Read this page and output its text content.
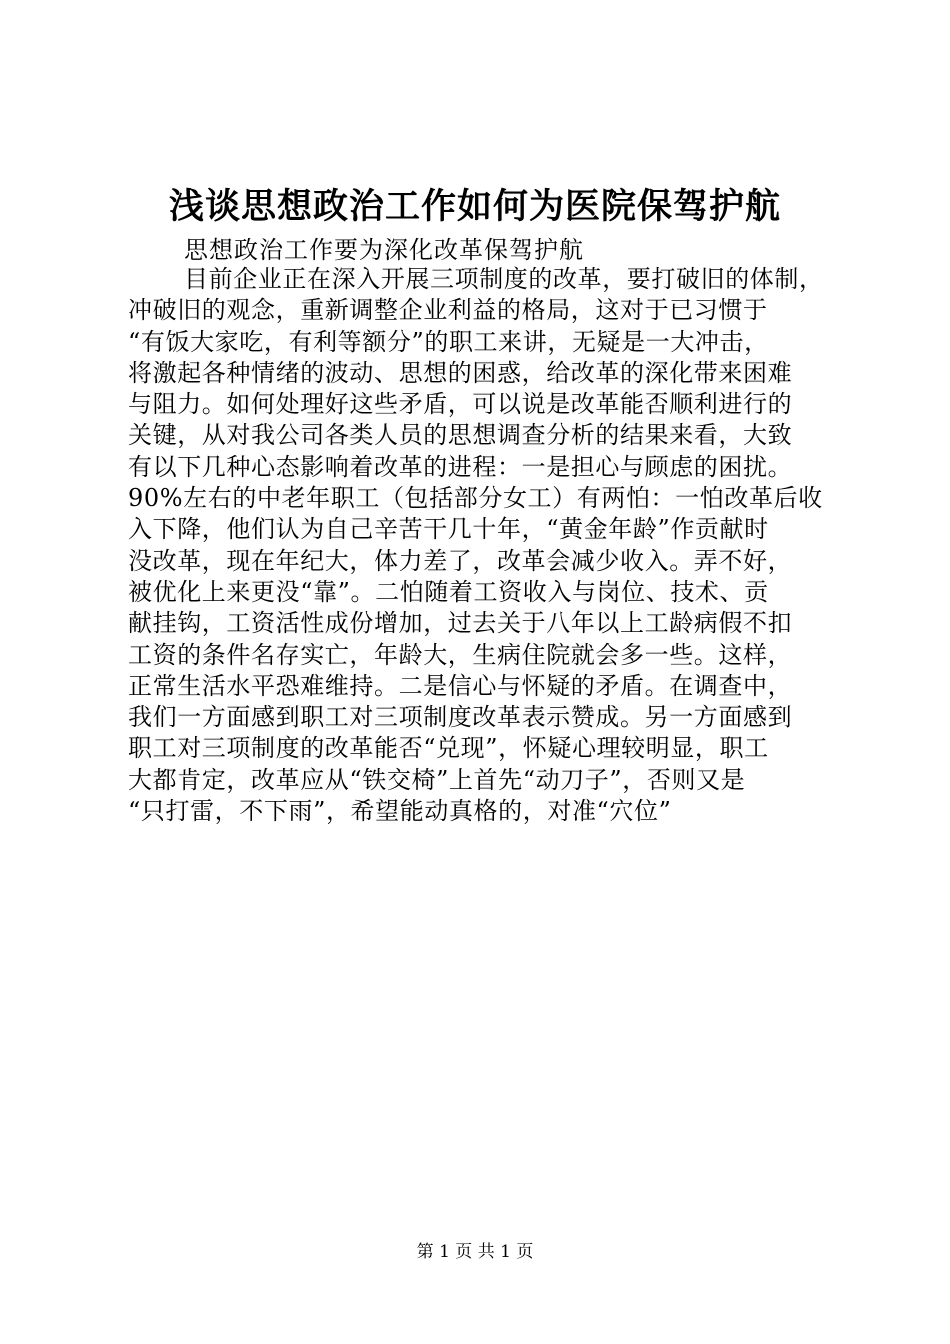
浅谈思想政治工作如何为医院保驾护航
思想政治工作要为深化改革保驾护航
目前企业正在深入开展三项制度的改革，要打破旧的体制，
冲破旧的观念，重新调整企业利益的格局，这对于已习惯于
“有饭大家吃，有利等额分”的职工来讲，无疑是一大冲击，
将激起各种情绪的波动、思想的困惑，给改革的深化带来困难
与阻力。如何处理好这些矛盾，可以说是改革能否顺利进行的
关键，从对我公司各类人员的思想调查分析的结果来看，大致
有以下几种心态影响着改革的进程：一是担心与顾虑的困扰。
90%左右的中老年职工（包括部分女工）有两怕：一怕改革后收
入下降，他们认为自己辛苦干几十年，“黄金年龄”作贡献时
没改革，现在年纪大，体力差了，改革会减少收入。弄不好，
被优化上来更没“靠”。二怕随着工资收入与岗位、技术、贡
献挂钩，工资活性成份增加，过去关于八年以上工龄病假不扣
工资的条件名存实亡，年龄大，生病住院就会多一些。这样，
正常生活水平恐难维持。二是信心与怀疑的矛盾。在调查中，
我们一方面感到职工对三项制度改革表示赞成。另一方面感到
职工对三项制度的改革能否“兑现”，怀疑心理较明显，职工
大都肯定，改革应从“铁交椅”上首先“动刀子”，否则又是
“只打雷，不下雨”，希望能动真格的，对准“穴位”
第 1 页 共 1 页
